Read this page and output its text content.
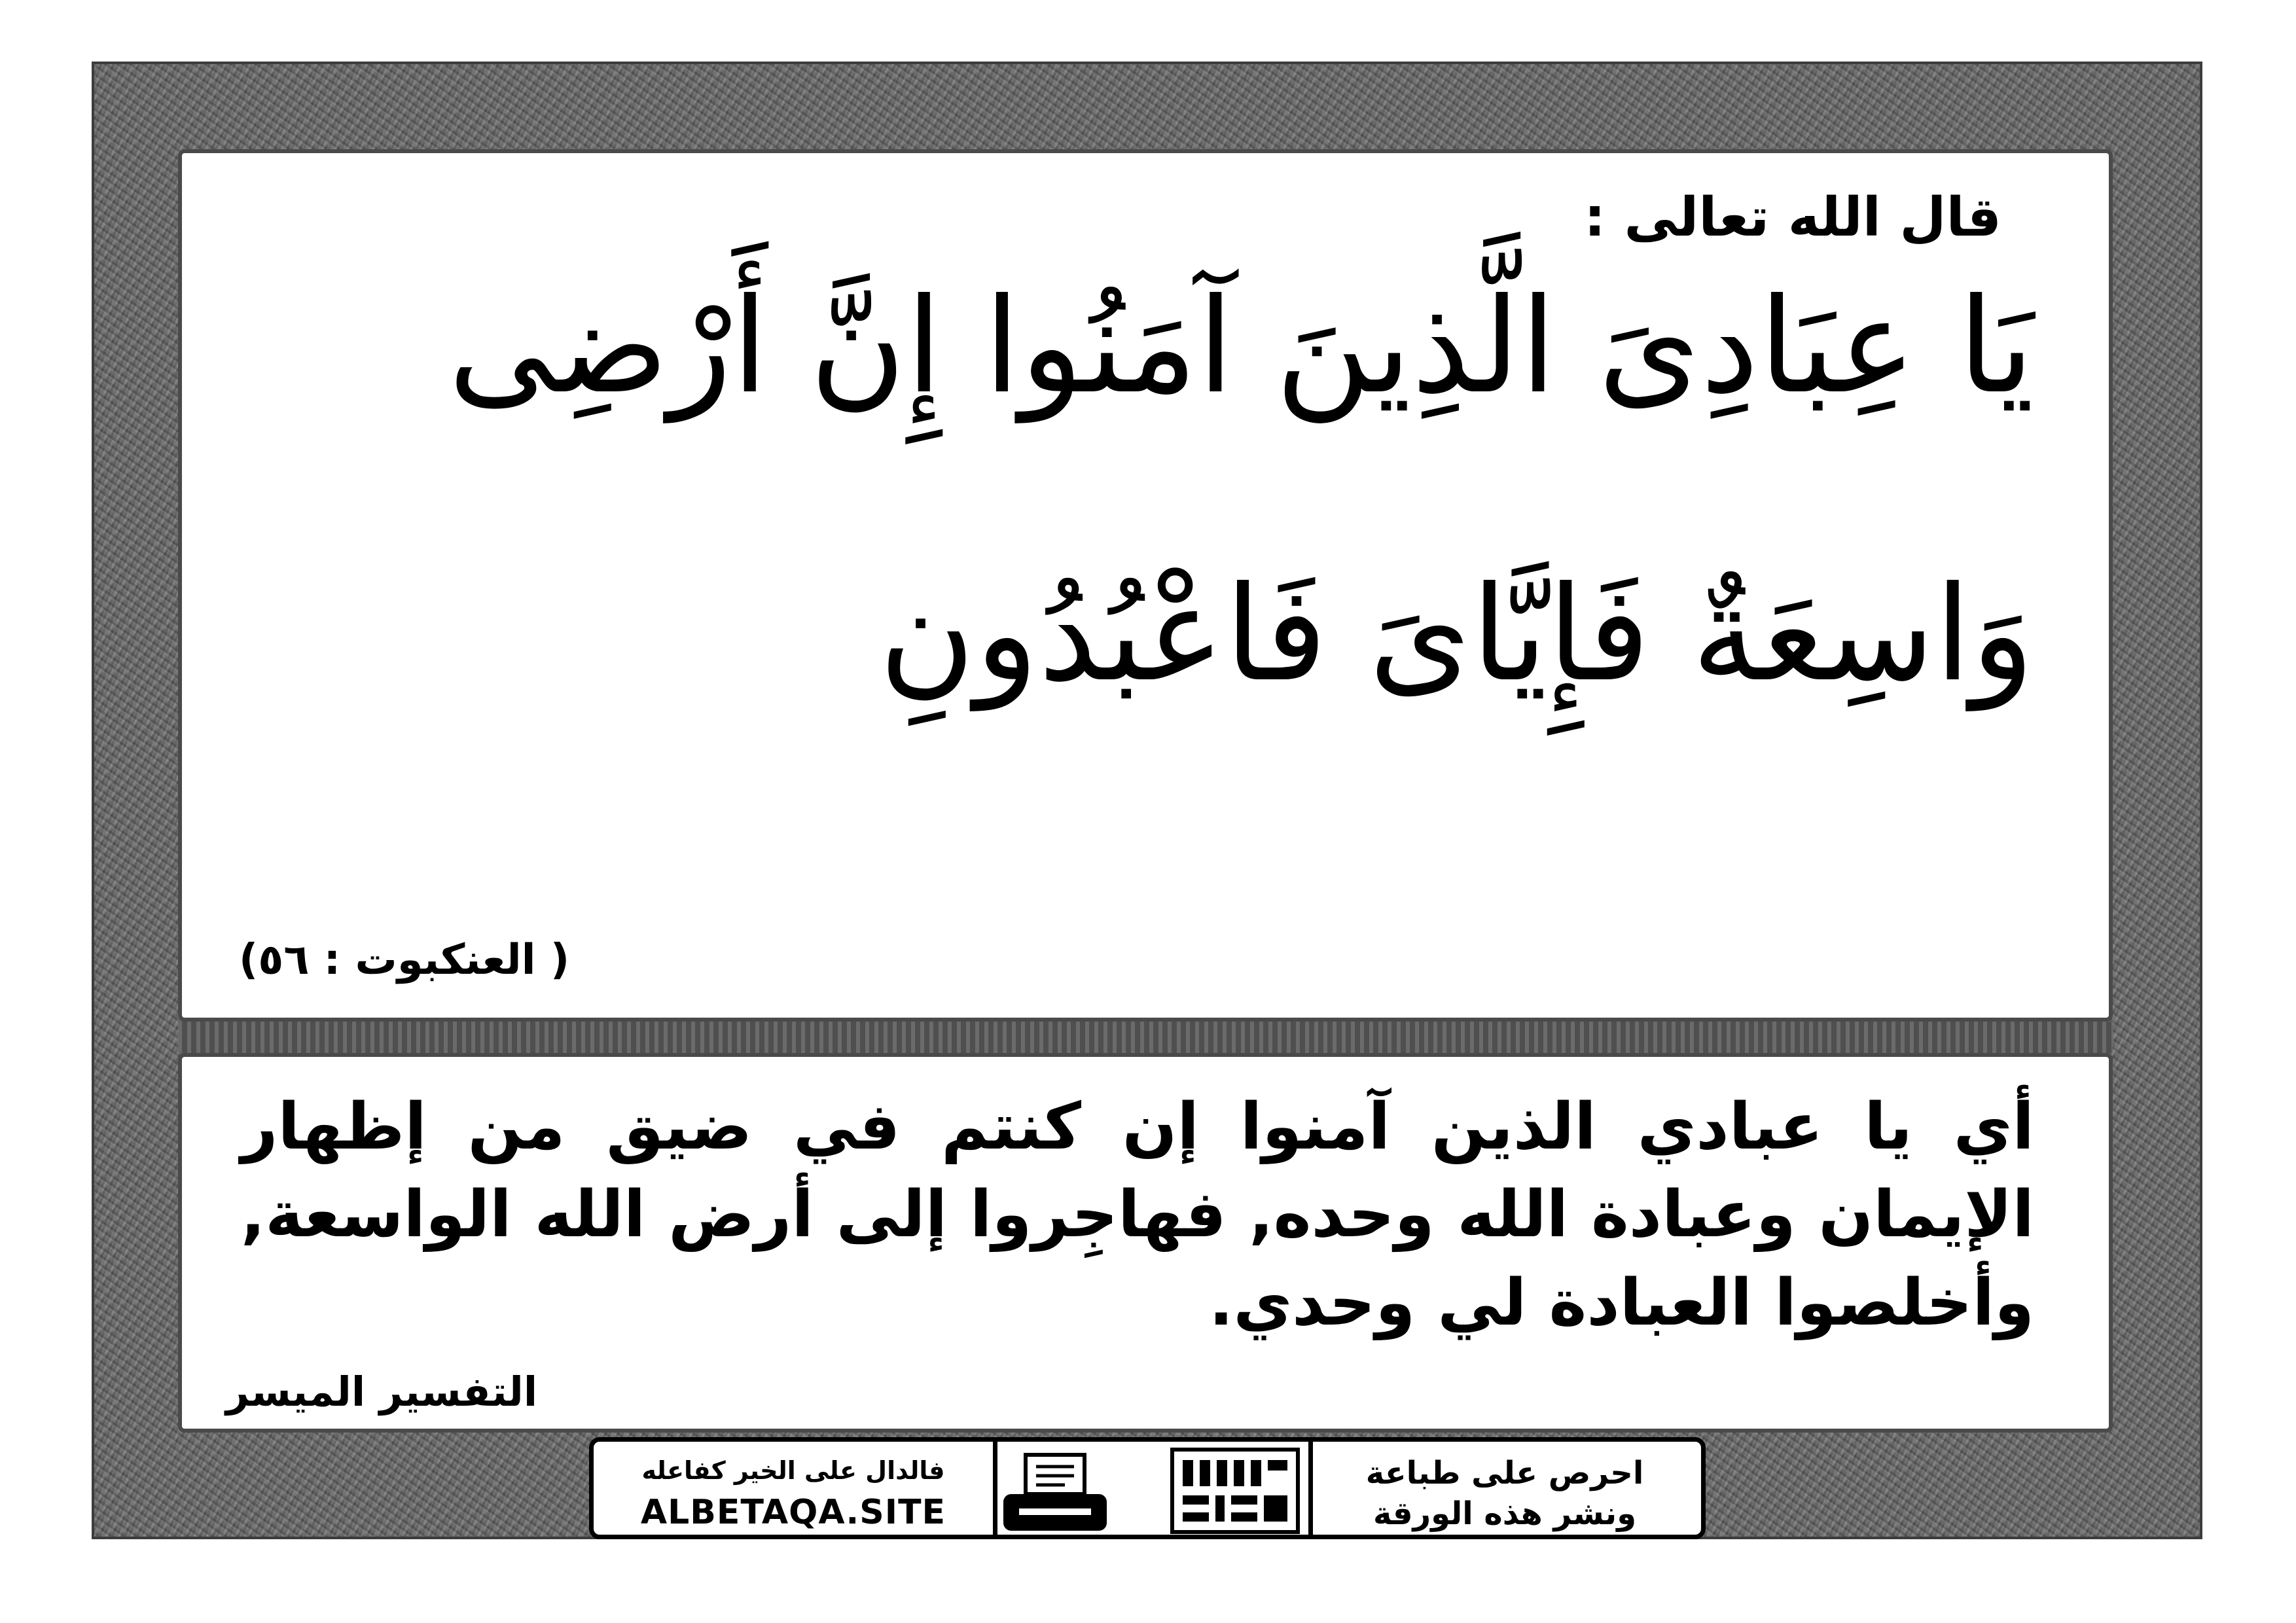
قال الله تعالى :
يَا عِبَادِىَ الَّذِينَ آمَنُوا إِنَّ أَرْضِى
وَاسِعَةٌ فَإِيَّاىَ فَاعْبُدُونِ
( العنكبوت : ٥٦)
أي يا عبادي الذين آمنوا إن كنتم في ضيق من إظهار الإيمان وعبادة الله وحده, فهاجِروا إلى أرض الله الواسعة, وأخلصوا العبادة لي وحدي.
التفسير الميسر
احرص على طباعة
ونشر هذه الورقة
فالدال على الخير كفاعله
ALBETAQA.SITE
